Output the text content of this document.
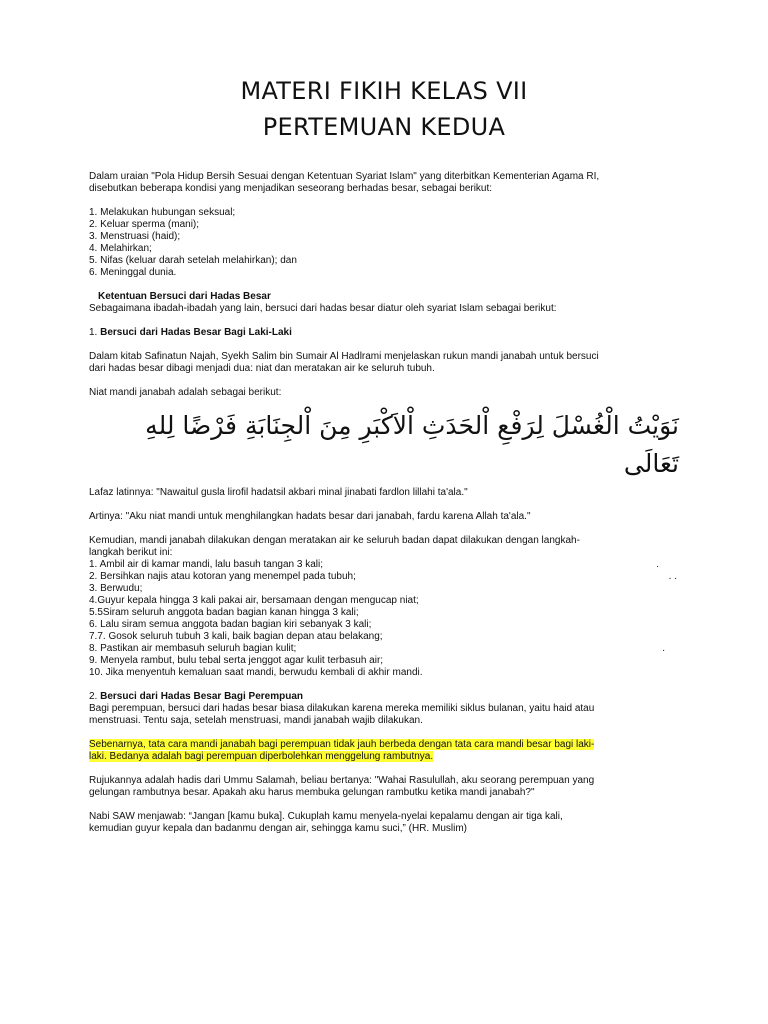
MATERI FIKIH KELAS VII
PERTEMUAN KEDUA

Dalam uraian "Pola Hidup Bersih Sesuai dengan Ketentuan Syariat Islam" yang diterbitkan Kementerian Agama RI,

disebutkan beberapa kondisi yang menjadikan seseorang berhadas besar, sebagai berikut:

1. Melakukan hubungan seksual;

2. Keluar sperma (mani);

3. Menstruasi (haid);

4. Melahirkan;

5. Nifas (keluar darah setelah melahirkan); dan

6. Meninggal dunia.

Ketentuan Bersuci dari Hadas Besar

Sebagaimana ibadah-ibadah yang lain, bersuci dari hadas besar diatur oleh syariat Islam sebagai berikut:

1. Bersuci dari Hadas Besar Bagi Laki-Laki

Dalam kitab Safinatun Najah, Syekh Salim bin Sumair Al Hadlrami menjelaskan rukun mandi janabah untuk bersuci

dari hadas besar dibagi menjadi dua: niat dan meratakan air ke seluruh tubuh.

Niat mandi janabah adalah sebagai berikut:

نَوَيْتُ الْغُسْلَ لِرَفْعِ اْلحَدَثِ اْلاَكْبَرِ مِنَ اْلجِنَابَةِ فَرْضًا لِلهِ تَعَالَى

Lafaz latinnya: "Nawaitul gusla lirofil hadatsil akbari minal jinabati fardlon lillahi ta'ala."

Artinya: "Aku niat mandi untuk menghilangkan hadats besar dari janabah, fardu karena Allah ta'ala."

Kemudian, mandi janabah dilakukan dengan meratakan air ke seluruh badan dapat dilakukan dengan langkah-

langkah berikut ini:

1. Ambil air di kamar mandi, lalu basuh tangan 3 kali;	.

2. Bersihkan najis atau kotoran yang menempel pada tubuh;	. .

3. Berwudu;

4.Guyur kepala hingga 3 kali pakai air, bersamaan dengan mengucap niat;

5.5Siram seluruh anggota badan bagian kanan hingga 3 kali;

6. Lalu siram semua anggota badan bagian kiri sebanyak 3 kali;

7.7. Gosok seluruh tubuh 3 kali, baik bagian depan atau belakang;

8. Pastikan air membasuh seluruh bagian kulit;	.

9. Menyela rambut, bulu tebal serta jenggot agar kulit terbasuh air;

10. Jika menyentuh kemaluan saat mandi, berwudu kembali di akhir mandi.

2. Bersuci dari Hadas Besar Bagi Perempuan

Bagi perempuan, bersuci dari hadas besar biasa dilakukan karena mereka memiliki siklus bulanan, yaitu haid atau

menstruasi. Tentu saja, setelah menstruasi, mandi janabah wajib dilakukan.

Sebenarnya, tata cara mandi janabah bagi perempuan tidak jauh berbeda dengan tata cara mandi besar bagi laki-

laki. Bedanya adalah bagi perempuan diperbolehkan menggelung rambutnya.

Rujukannya adalah hadis dari Ummu Salamah, beliau bertanya: "Wahai Rasulullah, aku seorang perempuan yang

gelungan rambutnya besar. Apakah aku harus membuka gelungan rambutku ketika mandi janabah?"

Nabi SAW menjawab: “Jangan [kamu buka]. Cukuplah kamu menyela-nyelai kepalamu dengan air tiga kali,

kemudian guyur kepala dan badanmu dengan air, sehingga kamu suci,” (HR. Muslim)
